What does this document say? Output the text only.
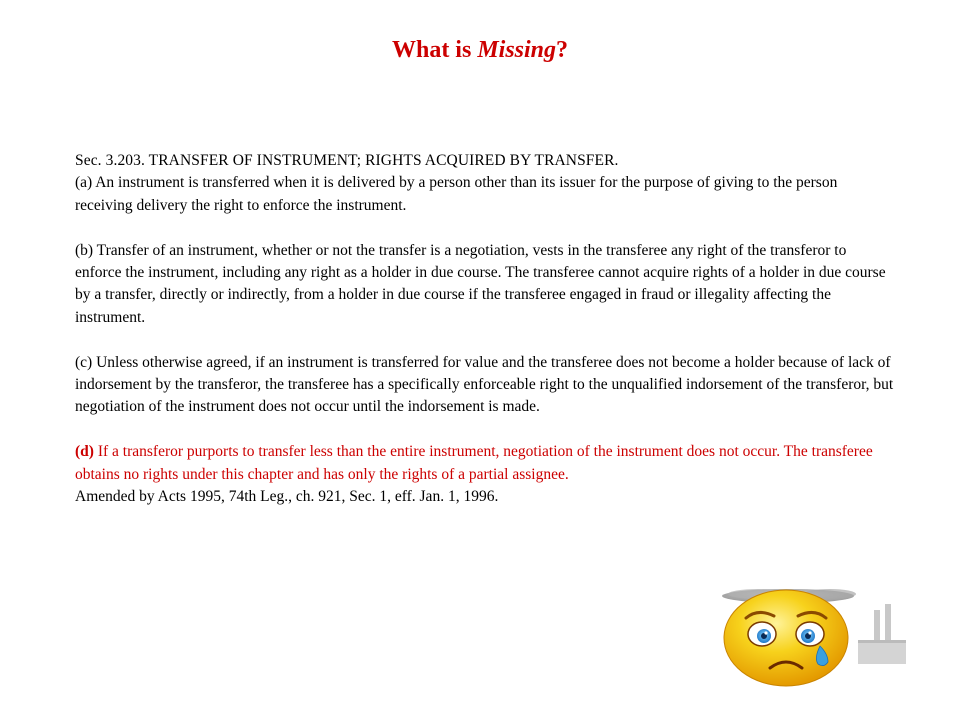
What is Missing?

Sec. 3.203. TRANSFER OF INSTRUMENT; RIGHTS ACQUIRED BY TRANSFER.

(a) An instrument is transferred when it is delivered by a person other than its issuer for the purpose of giving to the person receiving delivery the right to enforce the instrument.

(b) Transfer of an instrument, whether or not the transfer is a negotiation, vests in the transferee any right of the transferor to enforce the instrument, including any right as a holder in due course. The transferee cannot acquire rights of a holder in due course by a transfer, directly or indirectly, from a holder in due course if the transferee engaged in fraud or illegality affecting the instrument.

(c) Unless otherwise agreed, if an instrument is transferred for value and the transferee does not become a holder because of lack of indorsement by the transferor, the transferee has a specifically enforceable right to the unqualified indorsement of the transferor, but negotiation of the instrument does not occur until the indorsement is made.

(d) If a transferor purports to transfer less than the entire instrument, negotiation of the instrument does not occur. The transferee obtains no rights under this chapter and has only the rights of a partial assignee.

Amended by Acts 1995, 74th Leg., ch. 921, Sec. 1, eff. Jan. 1, 1996.
